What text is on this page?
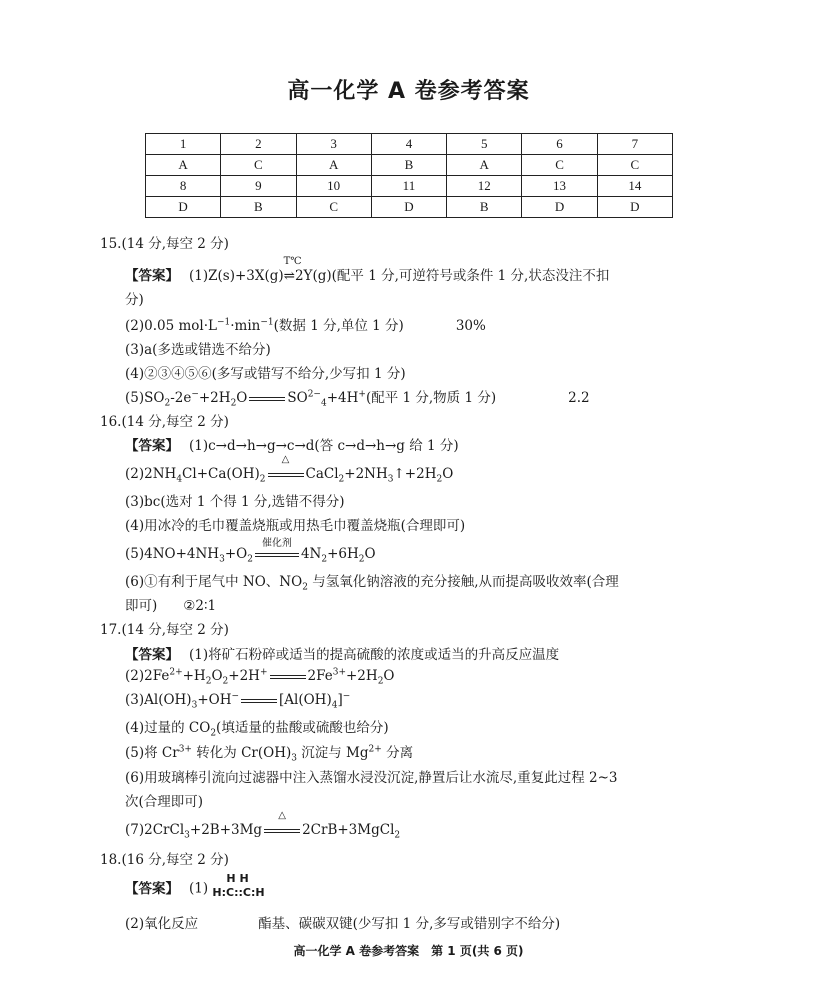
高一化学 A 卷参考答案
1	2	3	4	5	6	7
A	C	A	B	A	C	C
8	9	10	11	12	13	14
D	B	C	D	B	D	D
15.(14 分,每空 2 分)
【答案】 (1)Z(s)+3X(g)
T℃
⇌2Y(g)(配平 1 分,可逆符号或条件 1 分,状态没注不扣
分)
(2)0.05 $mol\cdot L^{-1}\cdot\min^{-1}$(数据 1 分,单位 1 分)	30%
(3)a(多选或错选不给分)
(4)②③④⑤⑥(多写或错写不给分,少写扣 1 分)
$(5)SO_2-2e^-+2H_2O$	$SO^{2-}_4+4H^+$(配平 1 分,物质 1 分)	2.2
16.(14 分,每空 2 分)
【答案】 (1)c→d→h→g→c→d(答 c→d→h→g 给 1 分)
$(2)2NH_4Cl+Ca(OH)_2$
△
$CaCl_2+2NH_3↑+2H_2O$
(3)bc(选对 1 个得 1 分,选错不得分)
(4)用冰冷的毛巾覆盖烧瓶或用热毛巾覆盖烧瓶(合理即可)
$(5)4NO+4NH_3+O_2$
催化剂
$4N_2+6H_2O$
(6)①有利于尾气中 NO、$NO_2$ 与氢氧化钠溶液的充分接触,从而提高吸收效率(合理
即可) ②2∶1
17.(14 分,每空 2 分)
【答案】 (1)将矿石粉碎或适当的提高硫酸的浓度或适当的升高反应温度
$(2)2Fe^{2+}+H_2O_2+2H^+$	$2Fe^{3+}+2H_2O$
$(3)Al(OH)_3+OH^-$	$[Al(OH)_4]^-$
(4)过量的 $CO_2$(填适量的盐酸或硫酸也给分)
(5)将 $Cr^{3+}$ 转化为 $Cr(OH)_3$ 沉淀与 $Mg^{2+}$ 分离
(6)用玻璃棒引流向过滤器中注入蒸馏水浸没沉淀,静置后让水流尽,重复此过程 2~3
次(合理即可)
(7)2CrCl$_3$+2B+3Mg
△
2CrB+3MgCl$_2$
18.(16 分,每空 2 分)
【答案】 (1)
H H
H:C::C:H
(2)氧化反应	酯基、碳碳双键(少写扣 1 分,多写或错别字不给分)
高一化学 A 卷参考答案　第 1 页(共 6 页)
